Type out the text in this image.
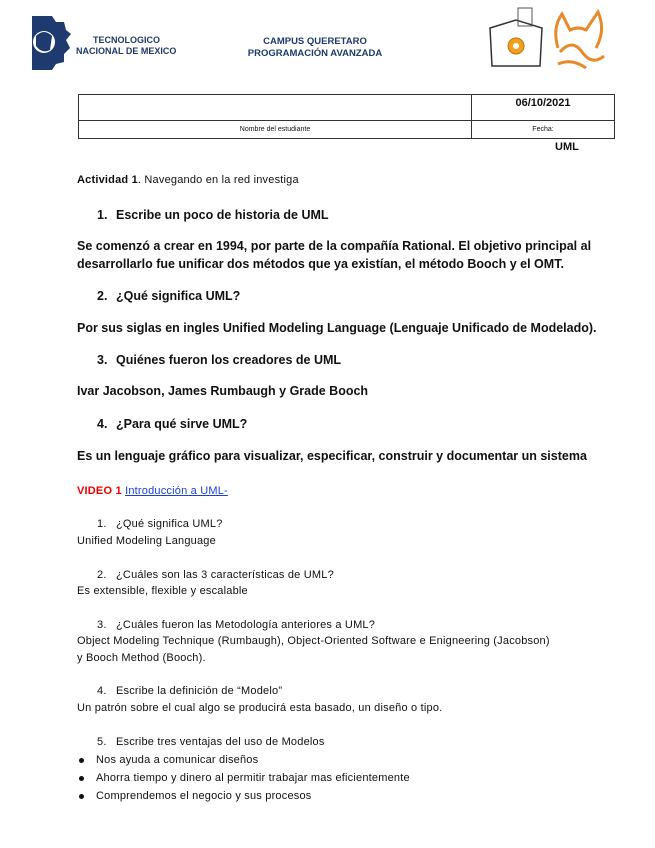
TECNOLOGICO
NACIONAL DE MEXICO
CAMPUS QUERETARO
PROGRAMACIÓN AVANZADA
	06/10/2021
Nombre del estudiante	Fecha:
UML
Actividad 1. Navegando en la red investiga
1. Escribe un poco de historia de UML
Se comenzó a crear en 1994, por parte de la compañía Rational. El objetivo principal al
desarrollarlo fue unificar dos métodos que ya existían, el método Booch y el OMT.
2. ¿Qué significa UML?
Por sus siglas en ingles Unified Modeling Language (Lenguaje Unificado de Modelado).
3. Quiénes fueron los creadores de UML
Ivar Jacobson, James Rumbaugh y Grade Booch
4. ¿Para qué sirve UML?
Es un lenguaje gráfico para visualizar, especificar, construir y documentar un sistema
VIDEO 1 Introducción a UML-
1. ¿Qué significa UML?
Unified Modeling Language
2. ¿Cuáles son las 3 características de UML?
Es extensible, flexible y escalable
3. ¿Cuáles fueron las Metodología anteriores a UML?
Object Modeling Technique (Rumbaugh), Object-Oriented Software e Enigneering (Jacobson)
y Booch Method (Booch).
4. Escribe la definición de “Modelo”
Un patrón sobre el cual algo se producirá esta basado, un diseño o tipo.
5. Escribe tres ventajas del uso de Modelos
Nos ayuda a comunicar diseños
Ahorra tiempo y dinero al permitir trabajar mas eficientemente
Comprendemos el negocio y sus procesos
